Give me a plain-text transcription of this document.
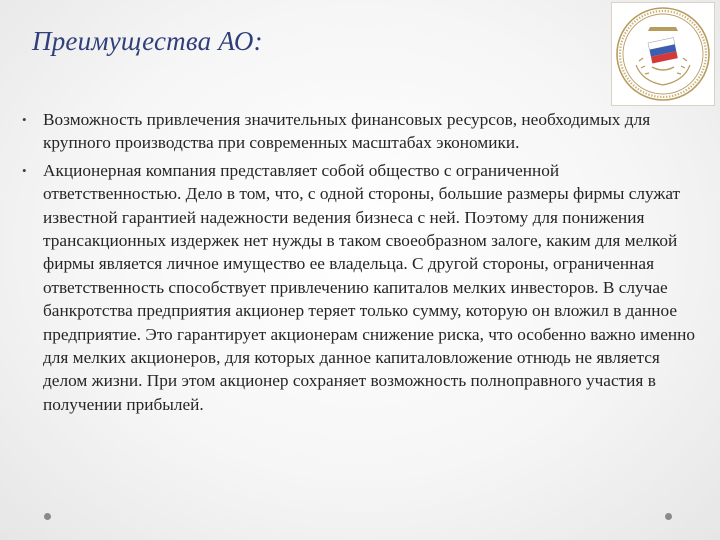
Преимущества АО:
• Возможность привлечения значительных финансовых ресурсов, необходимых для крупного производства при современных масштабах экономики.
• Акционерная компания представляет собой общество с ограниченной ответственностью. Дело в том, что, с одной стороны, большие размеры фирмы служат известной гарантией надежности ведения бизнеса с ней. Поэтому для понижения трансакционных издержек нет нужды в таком своеобразном залоге, каким для мелкой фирмы является личное имущество ее владельца. С другой стороны, ограниченная ответственность способствует привлечению капиталов мелких инвесторов. В случае банкротства предприятия акционер теряет только сумму, которую он вложил в данное предприятие. Это гарантирует акционерам снижение риска, что особенно важно именно для мелких акционеров, для которых данное капиталовложение отнюдь не является делом жизни. При этом акционер сохраняет возможность полноправного участия в получении прибылей.
